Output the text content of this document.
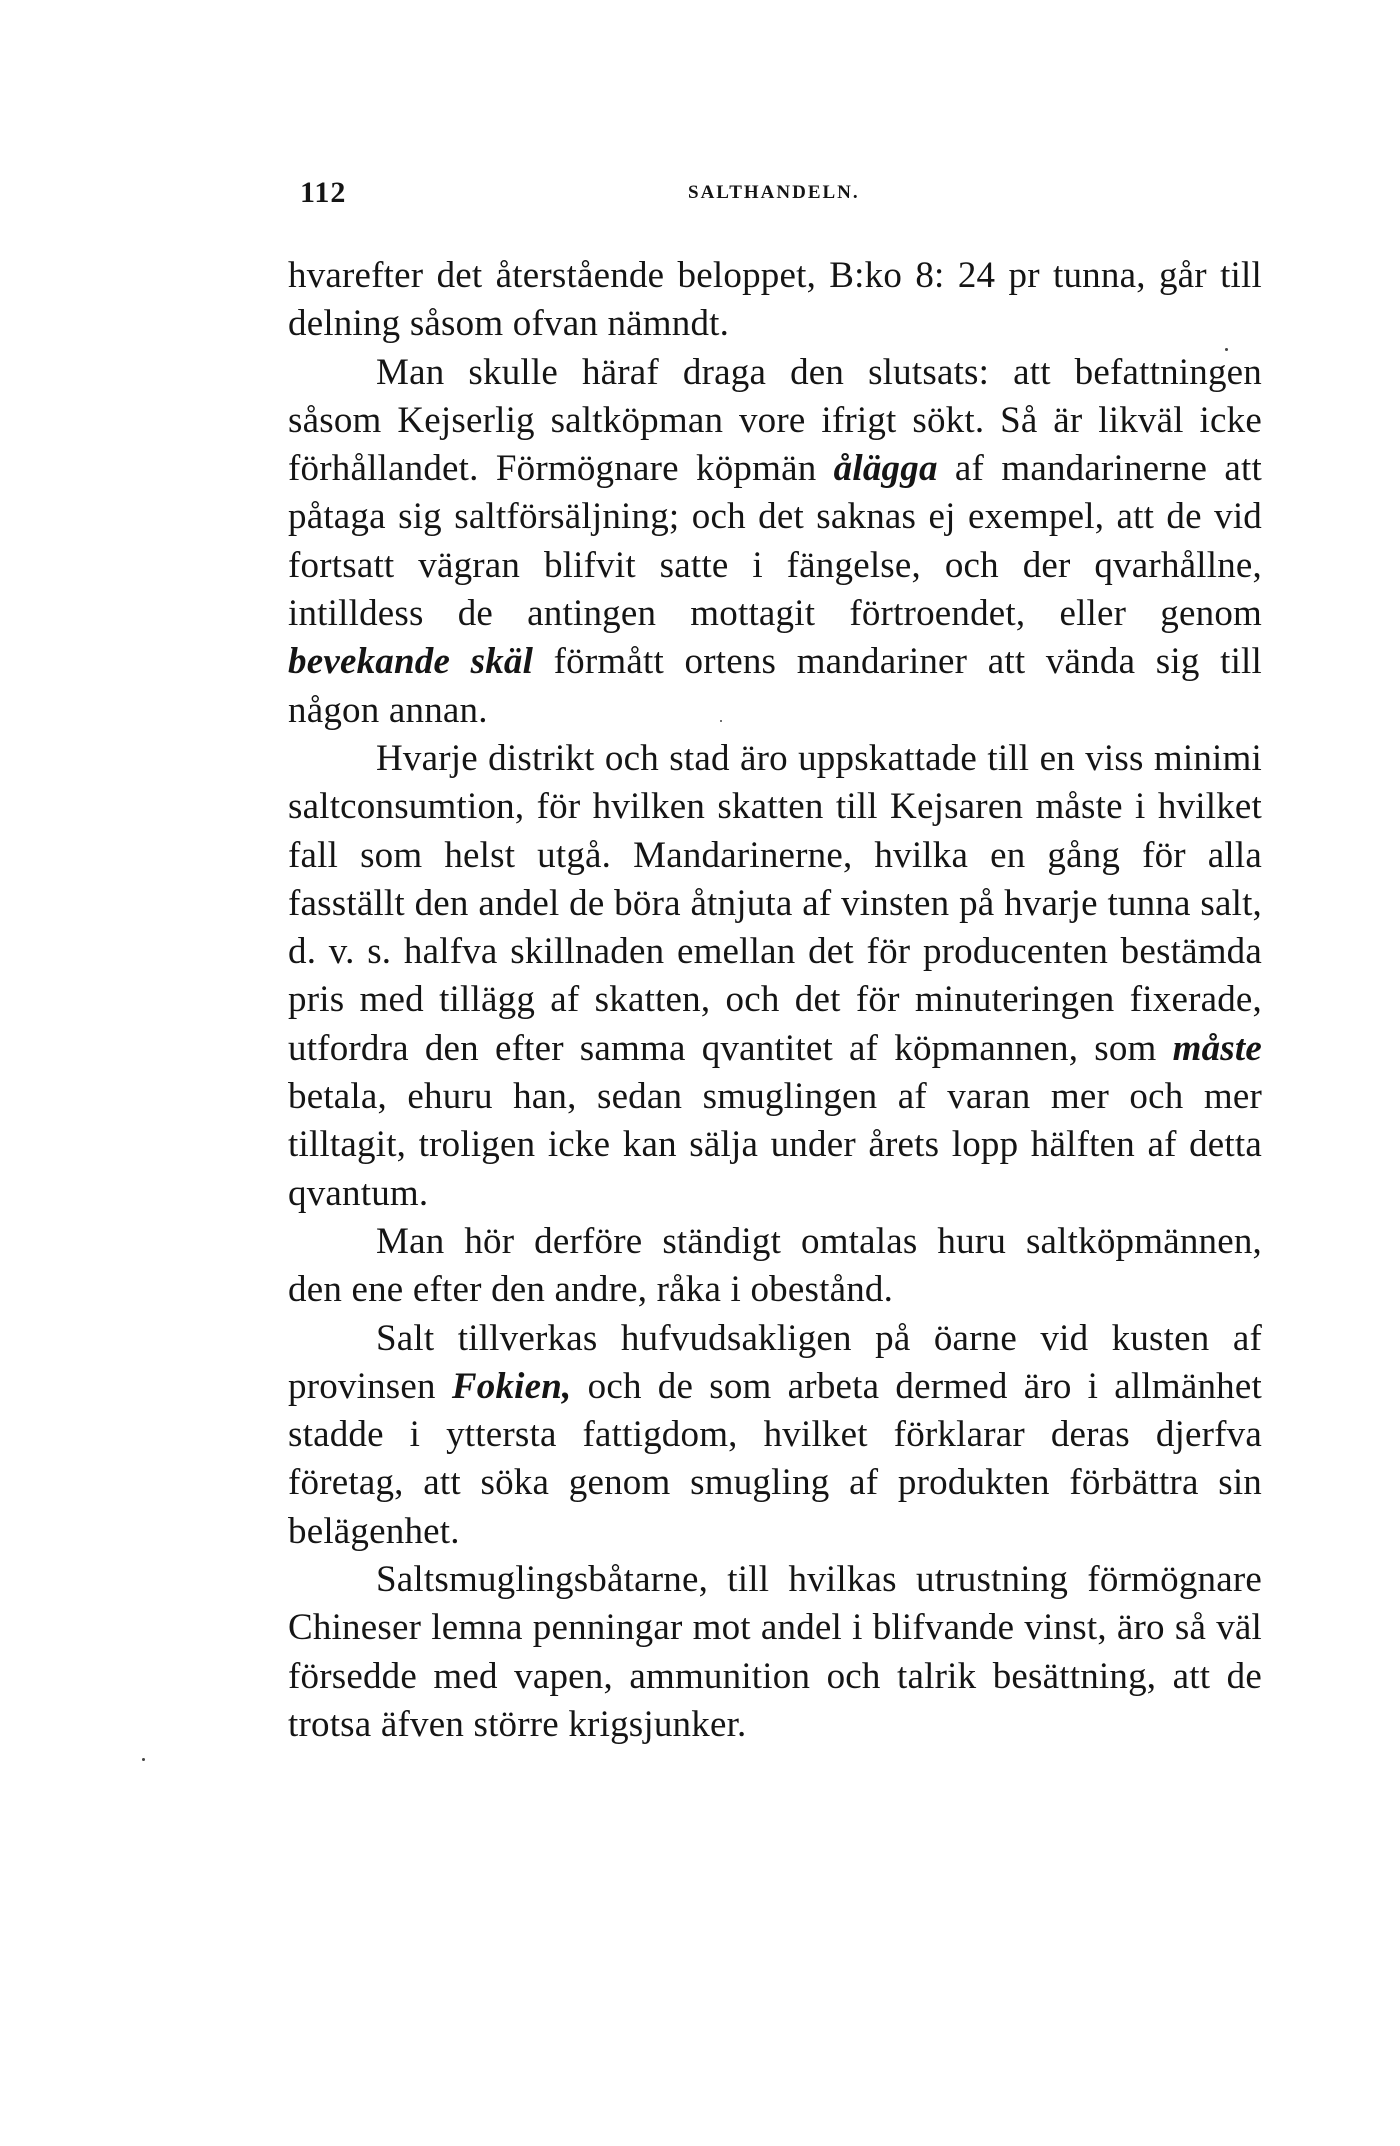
112	SALTHANDELN.

hvarefter det återstående beloppet, B:ko 8: 24 pr tunna, går till delning såsom ofvan nämndt.

Man skulle häraf draga den slutsats: att befattningen såsom Kejserlig saltköpman vore ifrigt sökt. Så är likväl icke förhållandet. Förmögnare köpmän ålägga af mandarinerne att påtaga sig saltförsäljning; och det saknas ej exempel, att de vid fortsatt vägran blifvit satte i fängelse, och der qvarhållne, intilldess de antingen mottagit förtroendet, eller genom bevekande skäl förmått ortens mandariner att vända sig till någon annan.

Hvarje distrikt och stad äro uppskattade till en viss minimi saltconsumtion, för hvilken skatten till Kejsaren måste i hvilket fall som helst utgå. Mandarinerne, hvilka en gång för alla fasställt den andel de böra åtnjuta af vinsten på hvarje tunna salt, d. v. s. halfva skillnaden emellan det för producenten bestämda pris med tillägg af skatten, och det för minuteringen fixerade, utfordra den efter samma qvantitet af köpmannen, som måste betala, ehuru han, sedan smuglingen af varan mer och mer tilltagit, troligen icke kan sälja under årets lopp hälften af detta qvantum.

Man hör derföre ständigt omtalas huru saltköpmännen, den ene efter den andre, råka i obestånd.

Salt tillverkas hufvudsakligen på öarne vid kusten af provinsen Fokien, och de som arbeta dermed äro i allmänhet stadde i yttersta fattigdom, hvilket förklarar deras djerfva företag, att söka genom smugling af produkten förbättra sin belägenhet.

Saltsmuglingsbåtarne, till hvilkas utrustning förmögnare Chineser lemna penningar mot andel i blifvande vinst, äro så väl försedde med vapen, ammunition och talrik besättning, att de trotsa äfven större krigsjunker.
